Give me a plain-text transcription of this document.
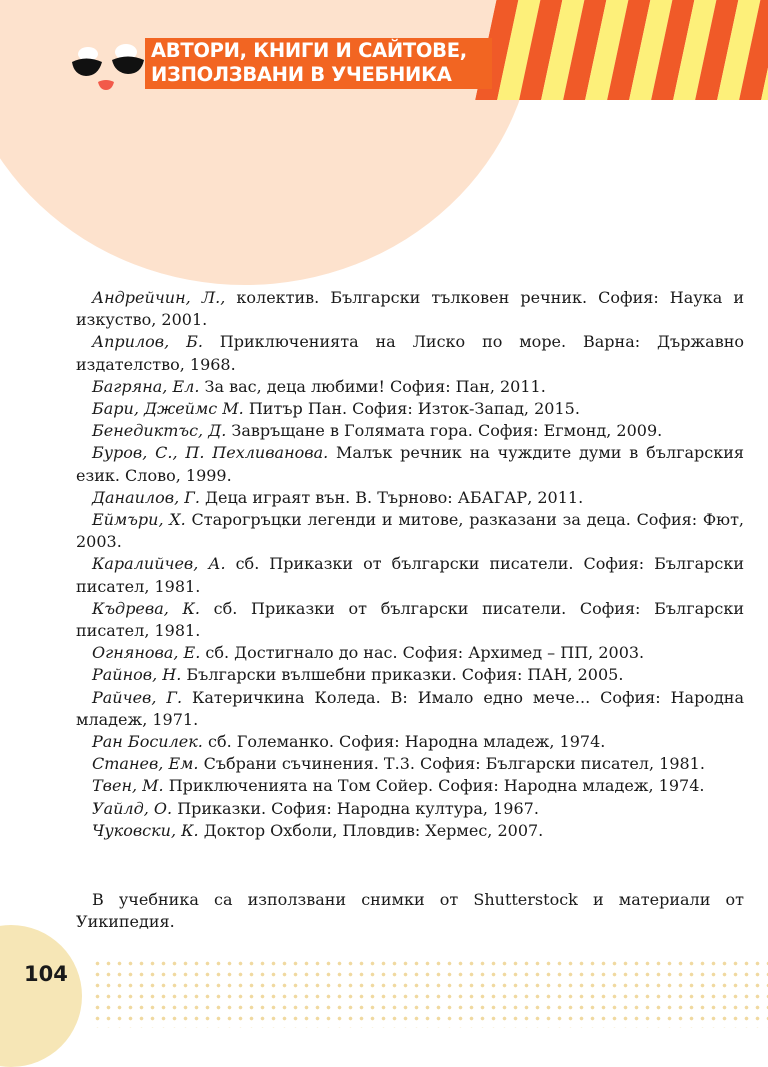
АВТОРИ, КНИГИ И САЙТОВЕ,
ИЗПОЛЗВАНИ В УЧЕБНИКА

Андрейчин, Л., колектив. Български тълковен речник. София: Наука и изкуство, 2001.

Априлов, Б. Приключенията на Лиско по море. Варна: Държавно издателство, 1968.

Багряна, Ел. За вас, деца любими! София: Пан, 2011.

Бари, Джеймс М. Питър Пан. София: Изток-Запад, 2015.

Бенедиктъс, Д. Завръщане в Голямата гора. София: Егмонд, 2009.

Буров, С., П. Пехливанова. Малък речник на чуждите думи в българския език. Слово, 1999.

Данаилов, Г. Деца играят вън. В. Търново: АБАГАР, 2011.

Еймъри, Х. Старогръцки легенди и митове, разказани за деца. София: Фют, 2003.

Каралийчев, А. сб. Приказки от български писатели. София: Български писател, 1981.

Къдрева, К. сб. Приказки от български писатели. София: Български писател, 1981.

Огнянова, Е. сб. Достигнало до нас. София: Архимед – ПП, 2003.

Райнов, Н. Български вълшебни приказки. София: ПАН, 2005.

Райчев, Г. Катеричкина Коледа. В: Имало едно мече... София: Народна младеж, 1971.

Ран Босилек. сб. Големанко. София: Народна младеж, 1974.

Станев, Ем. Събрани съчинения. Т.3. София: Български писател, 1981.

Твен, М. Приключенията на Том Сойер. София: Народна младеж, 1974.

Уайлд, О. Приказки. София: Народна култура, 1967.

Чуковски, К. Доктор Охболи, Пловдив: Хермес, 2007.

В учебника са използвани снимки от Shutterstock и материали от Уикипедия.

104
